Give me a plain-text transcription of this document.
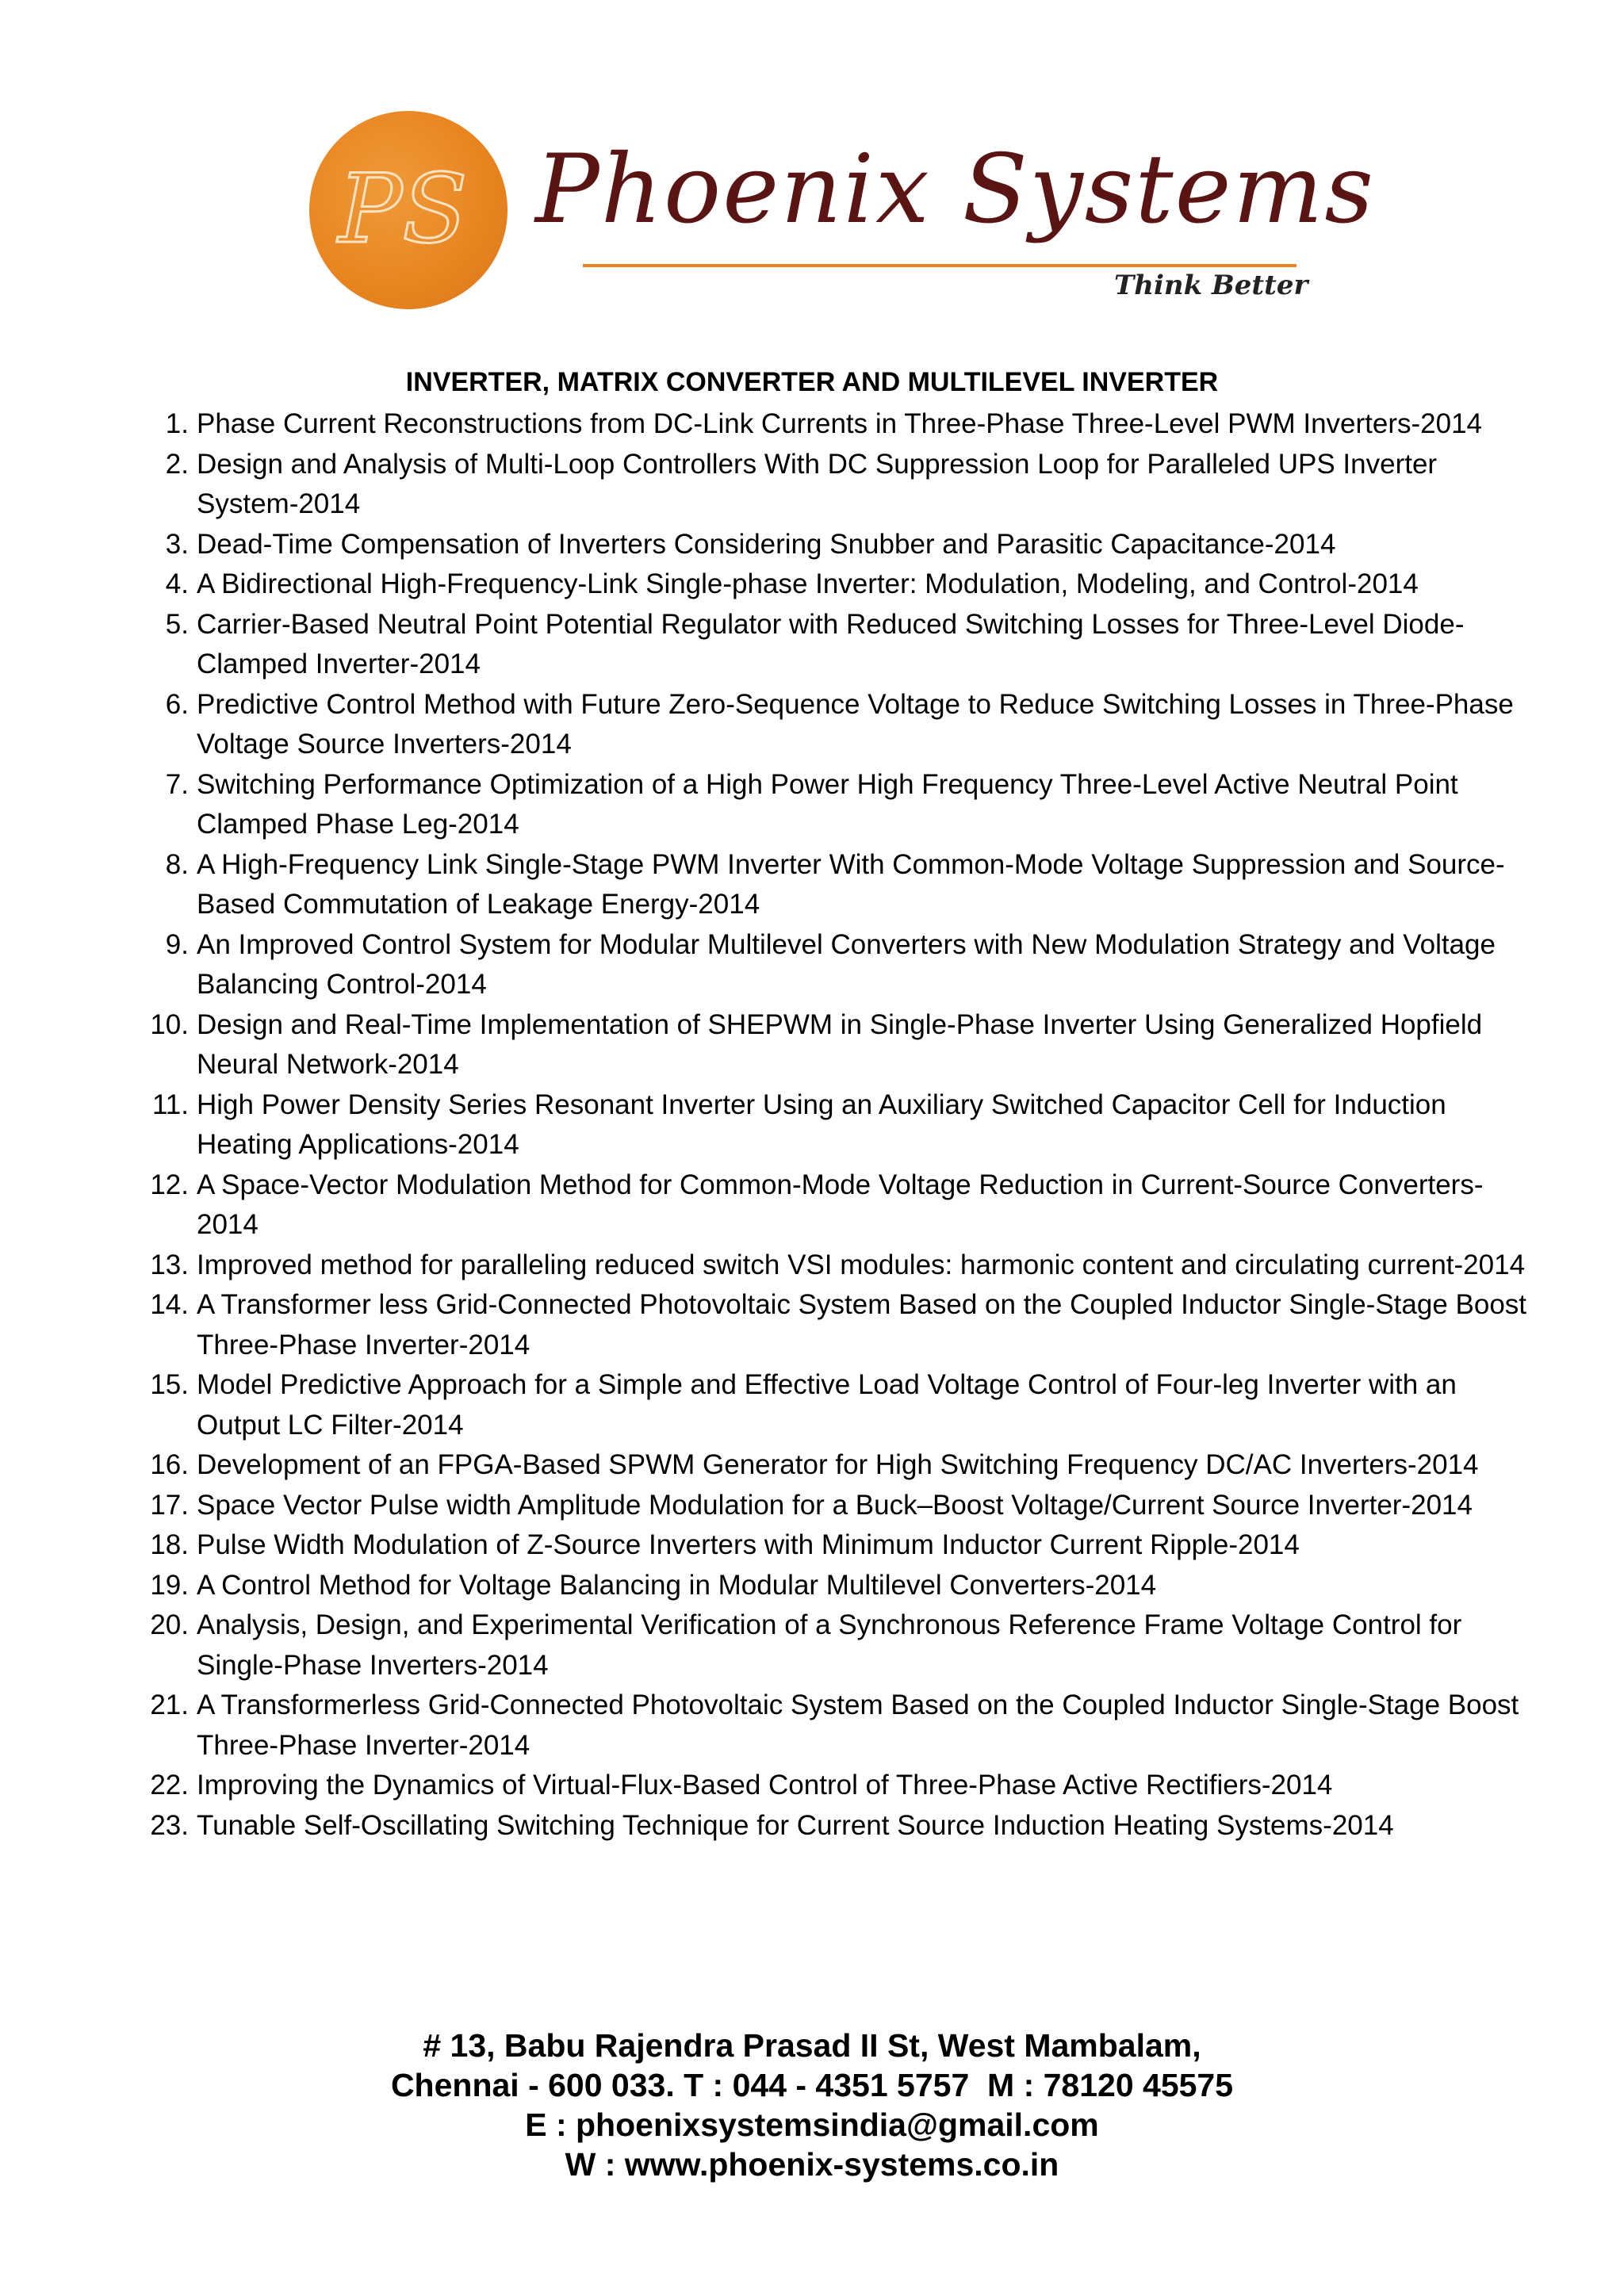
PS Phoenix Systems
Think Better
INVERTER, MATRIX CONVERTER AND MULTILEVEL INVERTER
1. Phase Current Reconstructions from DC-Link Currents in Three-Phase Three-Level PWM Inverters-2014
2. Design and Analysis of Multi-Loop Controllers With DC Suppression Loop for Paralleled UPS Inverter System-2014
3. Dead-Time Compensation of Inverters Considering Snubber and Parasitic Capacitance-2014
4. A Bidirectional High-Frequency-Link Single-phase Inverter: Modulation, Modeling, and Control-2014
5. Carrier-Based Neutral Point Potential Regulator with Reduced Switching Losses for Three-Level Diode-Clamped Inverter-2014
6. Predictive Control Method with Future Zero-Sequence Voltage to Reduce Switching Losses in Three-Phase Voltage Source Inverters-2014
7. Switching Performance Optimization of a High Power High Frequency Three-Level Active Neutral Point Clamped Phase Leg-2014
8. A High-Frequency Link Single-Stage PWM Inverter With Common-Mode Voltage Suppression and Source-Based Commutation of Leakage Energy-2014
9. An Improved Control System for Modular Multilevel Converters with New Modulation Strategy and Voltage Balancing Control-2014
10. Design and Real-Time Implementation of SHEPWM in Single-Phase Inverter Using Generalized Hopfield Neural Network-2014
11. High Power Density Series Resonant Inverter Using an Auxiliary Switched Capacitor Cell for Induction Heating Applications-2014
12. A Space-Vector Modulation Method for Common-Mode Voltage Reduction in Current-Source Converters-2014
13. Improved method for paralleling reduced switch VSI modules: harmonic content and circulating current-2014
14. A Transformer less Grid-Connected Photovoltaic System Based on the Coupled Inductor Single-Stage Boost Three-Phase Inverter-2014
15. Model Predictive Approach for a Simple and Effective Load Voltage Control of Four-leg Inverter with an Output LC Filter-2014
16. Development of an FPGA-Based SPWM Generator for High Switching Frequency DC/AC Inverters-2014
17. Space Vector Pulse width Amplitude Modulation for a Buck–Boost Voltage/Current Source Inverter-2014
18. Pulse Width Modulation of Z-Source Inverters with Minimum Inductor Current Ripple-2014
19. A Control Method for Voltage Balancing in Modular Multilevel Converters-2014
20. Analysis, Design, and Experimental Verification of a Synchronous Reference Frame Voltage Control for Single-Phase Inverters-2014
21. A Transformerless Grid-Connected Photovoltaic System Based on the Coupled Inductor Single-Stage Boost Three-Phase Inverter-2014
22. Improving the Dynamics of Virtual-Flux-Based Control of Three-Phase Active Rectifiers-2014
23. Tunable Self-Oscillating Switching Technique for Current Source Induction Heating Systems-2014
# 13, Babu Rajendra Prasad II St, West Mambalam,
Chennai - 600 033. T : 044 - 4351 5757  M : 78120 45575
E : phoenixsystemsindia@gmail.com
W : www.phoenix-systems.co.in
